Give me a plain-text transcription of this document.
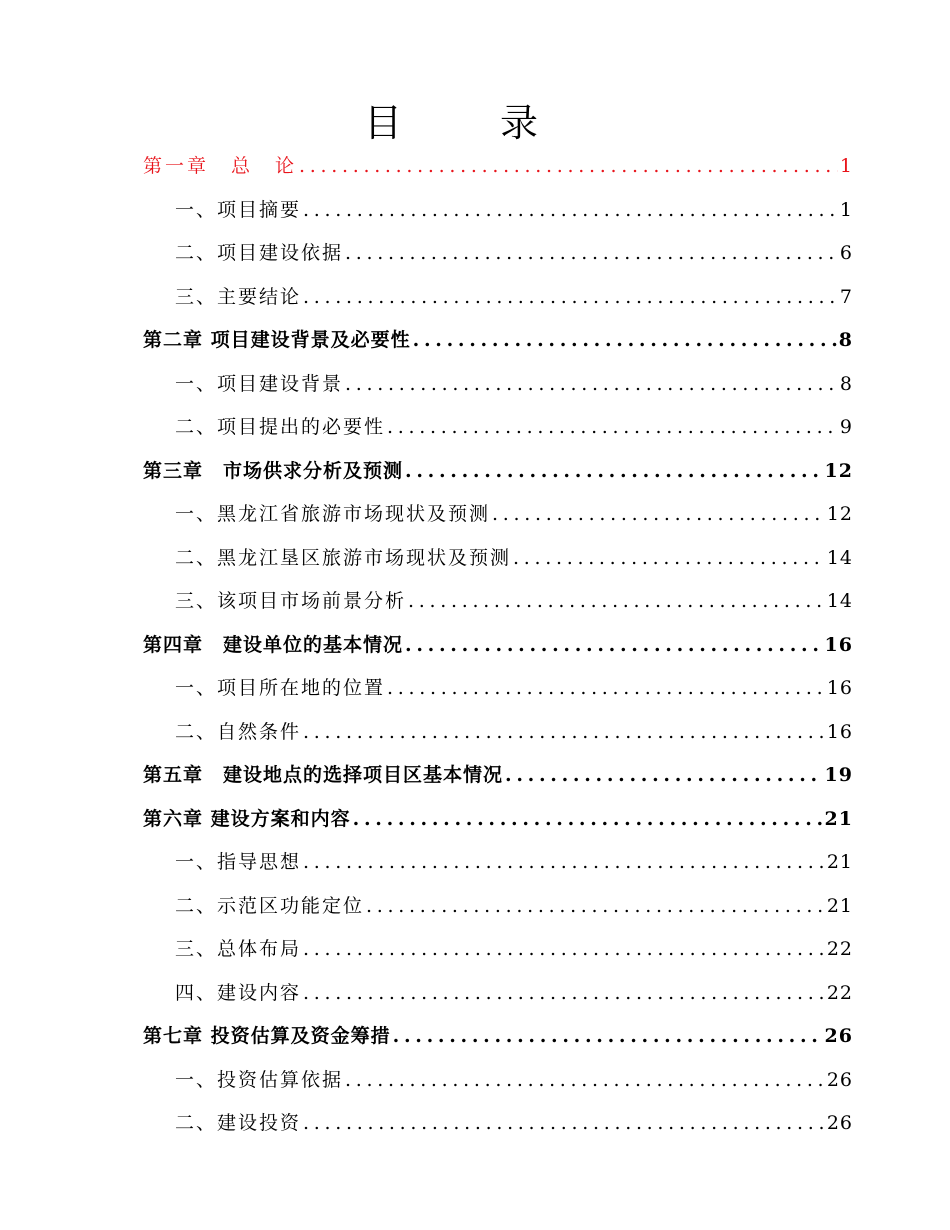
目录
第一章　总　论 .....	1
一、项目摘要 .....	1
二、项目建设依据 .....	6
三、主要结论 .....	7
第二章 项目建设背景及必要性 .....	8
一、项目建设背景 .....	8
二、项目提出的必要性 .....	9
第三章　市场供求分析及预测 .....	12
一、黑龙江省旅游市场现状及预测 .....	12
二、黑龙江垦区旅游市场现状及预测 .....	14
三、该项目市场前景分析 .....	14
第四章　建设单位的基本情况 .....	16
一、项目所在地的位置 .....	16
二、自然条件 .....	16
第五章　建设地点的选择项目区基本情况 .....	19
第六章 建设方案和内容 .....	21
一、指导思想 .....	21
二、示范区功能定位 .....	21
三、总体布局 .....	22
四、建设内容 .....	22
第七章 投资估算及资金筹措 .....	26
一、投资估算依据 .....	26
二、建设投资 .....	26
